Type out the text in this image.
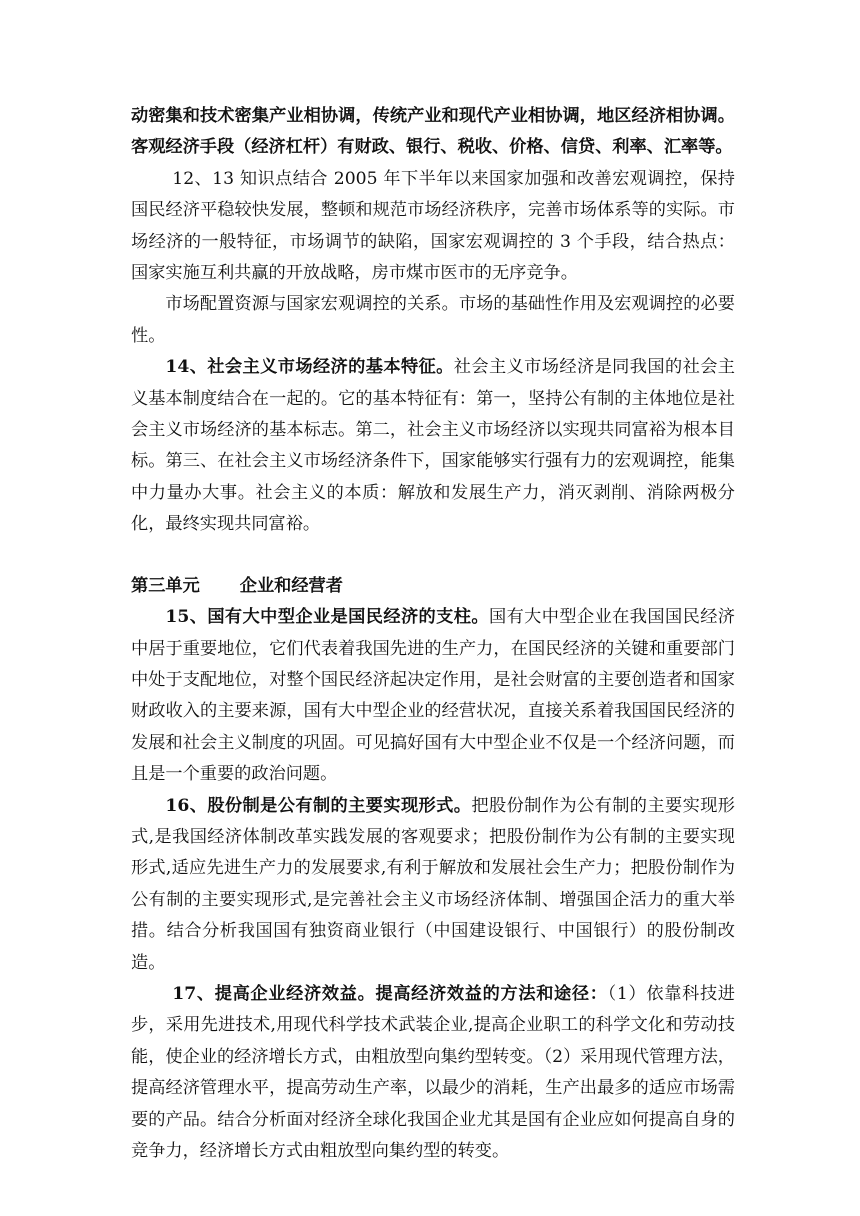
动密集和技术密集产业相协调，传统产业和现代产业相协调，地区经济相协调。客观经济手段（经济杠杆）有财政、银行、税收、价格、信贷、利率、汇率等。

12、13 知识点结合 2005 年下半年以来国家加强和改善宏观调控，保持国民经济平稳较快发展，整顿和规范市场经济秩序，完善市场体系等的实际。市场经济的一般特征，市场调节的缺陷，国家宏观调控的 3 个手段，结合热点：国家实施互利共赢的开放战略，房市煤市医市的无序竞争。

市场配置资源与国家宏观调控的关系。市场的基础性作用及宏观调控的必要性。

14、社会主义市场经济的基本特征。社会主义市场经济是同我国的社会主义基本制度结合在一起的。它的基本特征有：第一，坚持公有制的主体地位是社会主义市场经济的基本标志。第二，社会主义市场经济以实现共同富裕为根本目标。第三、在社会主义市场经济条件下，国家能够实行强有力的宏观调控，能集中力量办大事。社会主义的本质：解放和发展生产力，消灭剥削、消除两极分化，最终实现共同富裕。

第三单元 企业和经营者

15、国有大中型企业是国民经济的支柱。国有大中型企业在我国国民经济中居于重要地位，它们代表着我国先进的生产力，在国民经济的关键和重要部门中处于支配地位，对整个国民经济起决定作用，是社会财富的主要创造者和国家财政收入的主要来源，国有大中型企业的经营状况，直接关系着我国国民经济的发展和社会主义制度的巩固。可见搞好国有大中型企业不仅是一个经济问题，而且是一个重要的政治问题。

16、股份制是公有制的主要实现形式。把股份制作为公有制的主要实现形式,是我国经济体制改革实践发展的客观要求；把股份制作为公有制的主要实现形式,适应先进生产力的发展要求,有利于解放和发展社会生产力；把股份制作为公有制的主要实现形式,是完善社会主义市场经济体制、增强国企活力的重大举措。结合分析我国国有独资商业银行（中国建设银行、中国银行）的股份制改造。

17、提高企业经济效益。提高经济效益的方法和途径：（1）依靠科技进步，采用先进技术,用现代科学技术武装企业,提高企业职工的科学文化和劳动技能，使企业的经济增长方式，由粗放型向集约型转变。（2）采用现代管理方法，提高经济管理水平，提高劳动生产率，以最少的消耗，生产出最多的适应市场需要的产品。结合分析面对经济全球化我国企业尤其是国有企业应如何提高自身的竞争力，经济增长方式由粗放型向集约型的转变。
